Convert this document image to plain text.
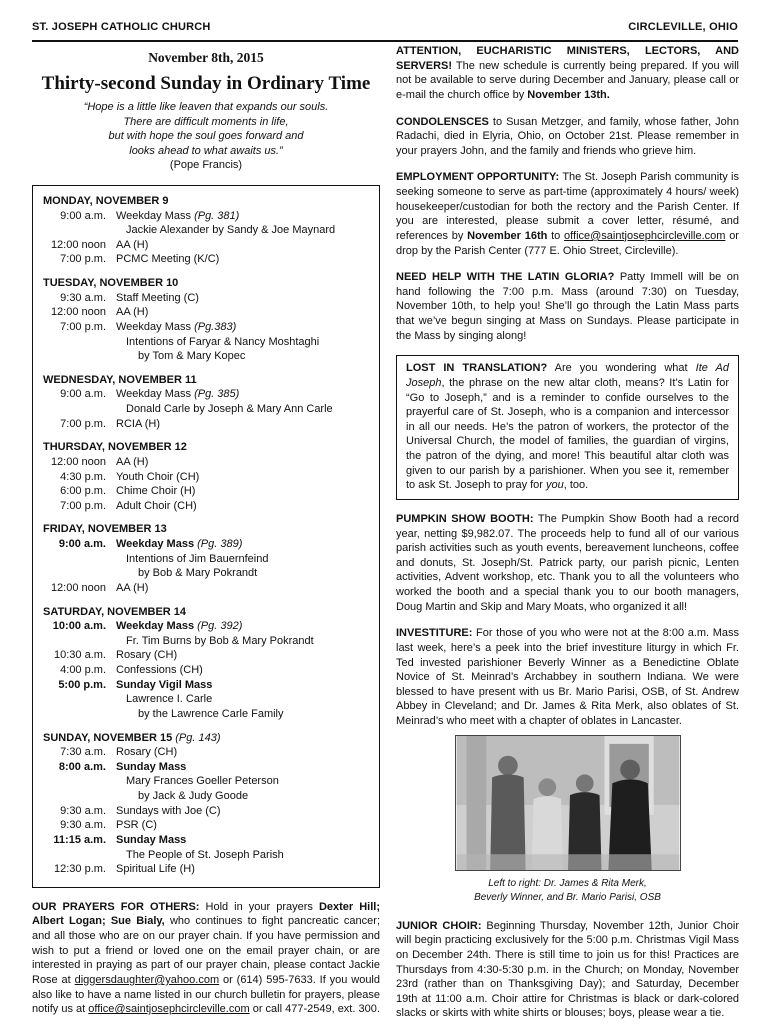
ST. JOSEPH CATHOLIC CHURCH	CIRCLEVILLE, OHIO
November 8th, 2015
Thirty-second Sunday in Ordinary Time
“Hope is a little like leaven that expands our souls.
There are difficult moments in life,
but with hope the soul goes forward and
looks ahead to what awaits us.”
(Pope Francis)
MONDAY, NOVEMBER 9
9:00 a.m. Weekday Mass (Pg. 381)
Jackie Alexander by Sandy & Joe Maynard
12:00 noon AA (H)
7:00 p.m. PCMC Meeting (K/C)
TUESDAY, NOVEMBER 10
9:30 a.m. Staff Meeting (C)
12:00 noon AA (H)
7:00 p.m. Weekday Mass (Pg.383)
Intentions of Faryar & Nancy Moshtaghi
by Tom & Mary Kopec
WEDNESDAY, NOVEMBER 11
9:00 a.m. Weekday Mass (Pg. 385)
Donald Carle by Joseph & Mary Ann Carle
7:00 p.m. RCIA (H)
THURSDAY, NOVEMBER 12
12:00 noon AA (H)
4:30 p.m. Youth Choir (CH)
6:00 p.m. Chime Choir (H)
7:00 p.m. Adult Choir (CH)
FRIDAY, NOVEMBER 13
9:00 a.m. Weekday Mass (Pg. 389)
Intentions of Jim Bauernfeind
by Bob & Mary Pokrandt
12:00 noon AA (H)
SATURDAY, NOVEMBER 14
10:00 a.m. Weekday Mass (Pg. 392)
Fr. Tim Burns by Bob & Mary Pokrandt
10:30 a.m. Rosary (CH)
4:00 p.m. Confessions (CH)
5:00 p.m. Sunday Vigil Mass
Lawrence I. Carle
by the Lawrence Carle Family
SUNDAY, NOVEMBER 15 (Pg. 143)
7:30 a.m. Rosary (CH)
8:00 a.m. Sunday Mass
Mary Frances Goeller Peterson
by Jack & Judy Goode
9:30 a.m. Sundays with Joe (C)
9:30 a.m. PSR (C)
11:15 a.m. Sunday Mass
The People of St. Joseph Parish
12:30 p.m. Spiritual Life (H)
OUR PRAYERS FOR OTHERS: Hold in your prayers Dexter Hill; Albert Logan; Sue Bialy, who continues to fight pancreatic cancer; and all those who are on our prayer chain. If you have permission and wish to put a friend or loved one on the email prayer chain, or are interested in praying as part of our prayer chain, please contact Jackie Rose at diggersdaughter@yahoo.com or (614) 595-7633. If you would also like to have a name listed in our church bulletin for prayers, please notify us at office@saintjosephcircleville.com or call 477-2549, ext. 300.
ATTENTION, EUCHARISTIC MINISTERS, LECTORS, AND SERVERS! The new schedule is currently being prepared. If you will not be available to serve during December and January, please call or e-mail the church office by November 13th.
CONDOLENSCES to Susan Metzger, and family, whose father, John Radachi, died in Elyria, Ohio, on October 21st. Please remember in your prayers John, and the family and friends who grieve him.
EMPLOYMENT OPPORTUNITY: The St. Joseph Parish community is seeking someone to serve as part-time (approximately 4 hours/ week) housekeeper/custodian for both the rectory and the Parish Center. If you are interested, please submit a cover letter, résumé, and references by November 16th to office@saintjosephcircleville.com or drop by the Parish Center (777 E. Ohio Street, Circleville).
NEED HELP WITH THE LATIN GLORIA? Patty Immell will be on hand following the 7:00 p.m. Mass (around 7:30) on Tuesday, November 10th, to help you! She’ll go through the Latin Mass parts that we’ve begun singing at Mass on Sundays. Please participate in the Mass by singing along!
LOST IN TRANSLATION? Are you wondering what Ite Ad Joseph, the phrase on the new altar cloth, means? It’s Latin for “Go to Joseph,” and is a reminder to confide ourselves to the prayerful care of St. Joseph, who is a companion and intercessor in all our needs. He’s the patron of workers, the protector of the Universal Church, the model of families, the guardian of virgins, the patron of the dying, and more! This beautiful altar cloth was given to our parish by a parishioner. When you see it, remember to ask St. Joseph to pray for you, too.
PUMPKIN SHOW BOOTH: The Pumpkin Show Booth had a record year, netting $9,982.07. The proceeds help to fund all of our various parish activities such as youth events, bereavement luncheons, coffee and donuts, St. Joseph/St. Patrick party, our parish picnic, Lenten activities, Advent workshop, etc. Thank you to all the volunteers who worked the booth and a special thank you to our booth managers, Doug Martin and Skip and Mary Moats, who organized it all!
INVESTITURE: For those of you who were not at the 8:00 a.m. Mass last week, here’s a peek into the brief investiture liturgy in which Fr. Ted invested parishioner Beverly Winner as a Benedictine Oblate Novice of St. Meinrad’s Archabbey in southern Indiana. We were blessed to have present with us Br. Mario Parisi, OSB, of St. Andrew Abbey in Cleveland; and Dr. James & Rita Merk, also oblates of St. Meinrad’s who meet with a chapter of oblates in Lancaster.
Left to right: Dr. James & Rita Merk,
Beverly Winner, and Br. Mario Parisi, OSB
JUNIOR CHOIR: Beginning Thursday, November 12th, Junior Choir will begin practicing exclusively for the 5:00 p.m. Christmas Vigil Mass on December 24th. There is still time to join us for this! Practices are Thursdays from 4:30-5:30 p.m. in the Church; on Monday, November 23rd (rather than on Thanksgiving Day); and Saturday, December 19th at 11:00 a.m. Choir attire for Christmas is black or dark-colored slacks or skirts with white shirts or blouses; boys, please wear a tie.
